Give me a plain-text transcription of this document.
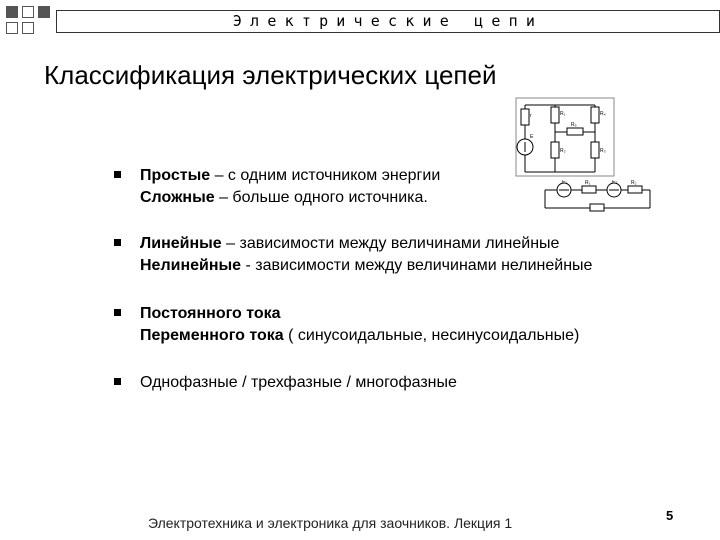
Электрические цепи
Классификация электрических цепей
r
E
R₁	R₄
R₅
R₂	R₃
E₁	R₁	E₂	R₂
Простые – с одним источником энергии
Сложные – больше одного источника.
Линейные – зависимости между величинами линейные
Нелинейные - зависимости между величинами нелинейные
Постоянного тока
Переменного тока ( синусоидальные, несинусоидальные)
Однофазные / трехфазные / многофазные
Электротехника и электроника для заочников. Лекция 1	5
